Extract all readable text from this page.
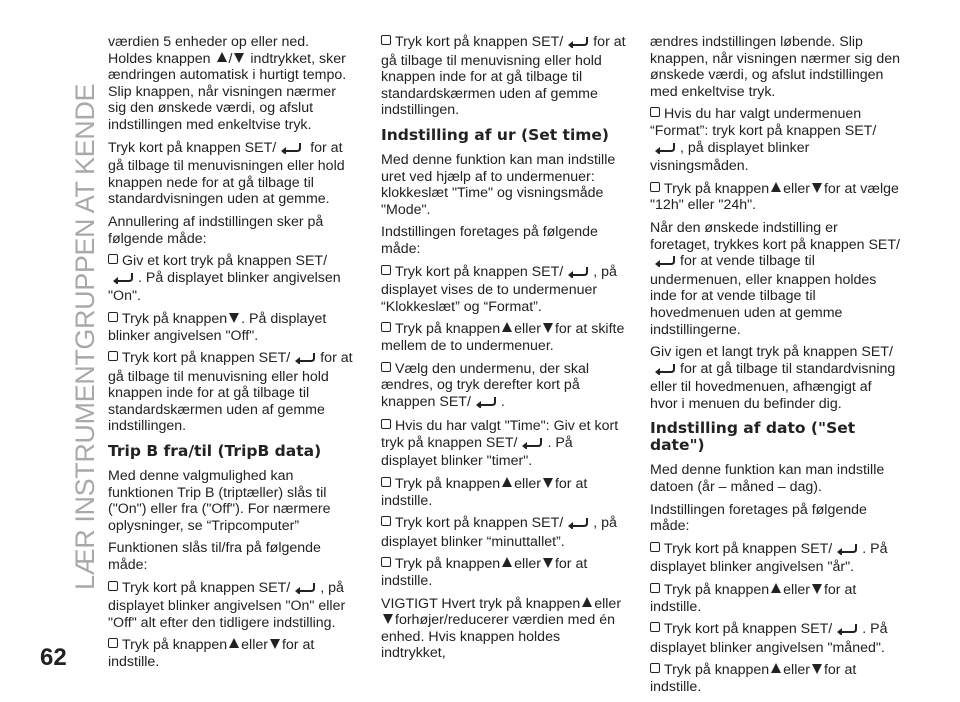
LÆR INSTRUMENTGRUPPEN AT KENDE
62

værdien 5 enheder op eller ned. Holdes knappen / indtrykket, sker ændringen automatisk i hurtigt tempo. Slip knappen, når visningen nærmer sig den ønskede værdi, og afslut indstillingen med enkeltvise tryk.

Tryk kort på knappen SET/ for at gå tilbage til menuvisningen eller hold knappen nede for at gå tilbage til standardvisningen uden at gemme.

Annullering af indstillingen sker på følgende måde:

Giv et kort tryk på knappen SET/
. På displayet blinker angivelsen "On".
Tryk på knappen . På displayet blinker angivelsen "Off".
Tryk kort på knappen SET/ for at gå tilbage til menuvisning eller hold knappen inde for at gå tilbage til standardskærmen uden af gemme indstillingen.
Trip B fra/til (TripB data)

Med denne valgmulighed kan funktionen Trip B (triptæller) slås til ("On") eller fra ("Off"). For nærmere oplysninger, se “Tripcomputer”

Funktionen slås til/fra på følgende måde:

Tryk kort på knappen SET/ , på displayet blinker angivelsen "On" eller "Off" alt efter den tidligere indstilling.
Tryk på knappen eller for at indstille.
Tryk kort på knappen SET/ for at gå tilbage til menuvisning eller hold knappen inde for at gå tilbage til standardskærmen uden af gemme indstillingen.
Indstilling af ur (Set time)

Med denne funktion kan man indstille uret ved hjælp af to undermenuer: klokkeslæt "Time" og visningsmåde "Mode".

Indstillingen foretages på følgende måde:

Tryk kort på knappen SET/ , på displayet vises de to undermenuer “Klokkeslæt” og “Format”.
Tryk på knappen eller for at skifte mellem de to undermenuer.
Vælg den undermenu, der skal ændres, og tryk derefter kort på knappen SET/ .
Hvis du har valgt "Time": Giv et kort tryk på knappen SET/ . På displayet blinker "timer".
Tryk på knappen eller for at indstille.
Tryk kort på knappen SET/ , på displayet blinker “minuttallet”.
Tryk på knappen eller for at indstille.

VIGTIGT Hvert tryk på knappen eller
forhøjer/reducerer værdien med én enhed. Hvis knappen holdes indtrykket,

ændres indstillingen løbende. Slip knappen, når visningen nærmer sig den ønskede værdi, og afslut indstillingen med enkeltvise tryk.

Hvis du har valgt undermenuen “Format”: tryk kort på knappen SET/
, på displayet blinker visningsmåden.
Tryk på knappen eller for at vælge "12h" eller "24h".

Når den ønskede indstilling er foretaget, trykkes kort på knappen SET/for at vende tilbage til undermenuen, eller knappen holdes inde for at vende tilbage til hovedmenuen uden at gemme indstillingerne.

Giv igen et langt tryk på knappen SET/
for at gå tilbage til standardvisning eller til hovedmenuen, afhængigt af hvor i menuen du befinder dig.

Indstilling af dato ("Set date")

Med denne funktion kan man indstille datoen (år – måned – dag).

Indstillingen foretages på følgende måde:

Tryk kort på knappen SET/ . På displayet blinker angivelsen "år".
Tryk på knappen eller for at indstille.
Tryk kort på knappen SET/ . På displayet blinker angivelsen "måned".
Tryk på knappen eller for at indstille.
